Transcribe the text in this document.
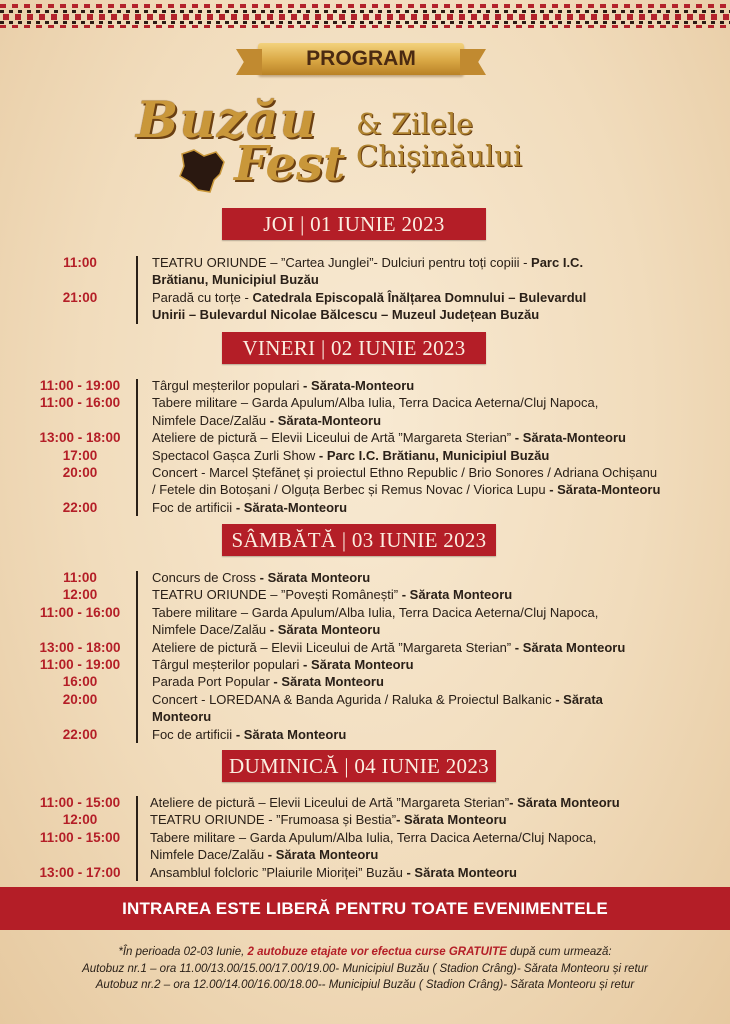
PROGRAM
Buzău
Fest
& Zilele
Chișinăului
JOI | 01 IUNIE 2023
11:00	TEATRU ORIUNDE – ”Cartea Junglei”- Dulciuri pentru toți copiii - Parc I.C.
Brătianu, Municipiul Buzău
21:00	Paradă cu torțe - Catedrala Episcopală Înălțarea Domnului – Bulevardul
Unirii – Bulevardul Nicolae Bălcescu – Muzeul Județean Buzău
VINERI | 02 IUNIE 2023
11:00 - 19:00	Târgul meșterilor populari - Sărata-Monteoru
11:00 - 16:00	Tabere militare – Garda Apulum/Alba Iulia, Terra Dacica Aeterna/Cluj Napoca,
Nimfele Dace/Zalău - Sărata-Monteoru
13:00 - 18:00	Ateliere de pictură – Elevii Liceului de Artă ”Margareta Sterian” - Sărata-Monteoru
17:00	Spectacol Gașca Zurli Show - Parc I.C. Brătianu, Municipiul Buzău
20:00	Concert - Marcel Ștefăneț și proiectul Ethno Republic / Brio Sonores / Adriana Ochișanu
/ Fetele din Botoșani / Olguța Berbec și Remus Novac / Viorica Lupu - Sărata-Monteoru
22:00	Foc de artificii - Sărata-Monteoru
SÂMBĂTĂ | 03 IUNIE 2023
11:00	Concurs de Cross - Sărata Monteoru
12:00	TEATRU ORIUNDE – ”Povești Românești” - Sărata Monteoru
11:00 - 16:00	Tabere militare – Garda Apulum/Alba Iulia, Terra Dacica Aeterna/Cluj Napoca,
Nimfele Dace/Zalău - Sărata Monteoru
13:00 - 18:00	Ateliere de pictură – Elevii Liceului de Artă ”Margareta Sterian” - Sărata Monteoru
11:00 - 19:00	Târgul meșterilor populari - Sărata Monteoru
16:00	Parada Port Popular - Sărata Monteoru
20:00	Concert - LOREDANA & Banda Agurida / Raluka & Proiectul Balkanic - Sărata
Monteoru
22:00	Foc de artificii - Sărata Monteoru
DUMINICĂ | 04 IUNIE 2023
11:00 - 15:00	Ateliere de pictură – Elevii Liceului de Artă ”Margareta Sterian”- Sărata Monteoru
12:00	TEATRU ORIUNDE - ”Frumoasa și Bestia”- Sărata Monteoru
11:00 - 15:00	Tabere militare – Garda Apulum/Alba Iulia, Terra Dacica Aeterna/Cluj Napoca,
Nimfele Dace/Zalău - Sărata Monteoru
13:00 - 17:00	Ansamblul folcloric ”Plaiurile Mioriței” Buzău - Sărata Monteoru
INTRAREA ESTE LIBERĂ PENTRU TOATE EVENIMENTELE
*În perioada 02-03 Iunie, 2 autobuze etajate vor efectua curse GRATUITE după cum urmează:
Autobuz nr.1 – ora 11.00/13.00/15.00/17.00/19.00- Municipiul Buzău ( Stadion Crâng)- Sărata Monteoru și retur
Autobuz nr.2 – ora 12.00/14.00/16.00/18.00-- Municipiul Buzău ( Stadion Crâng)- Sărata Monteoru și retur
